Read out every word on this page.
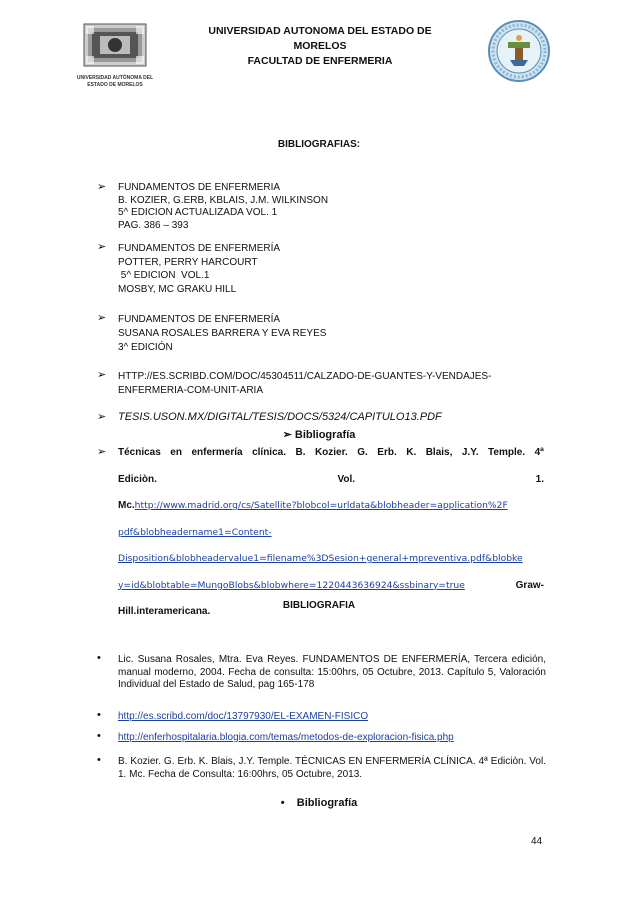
UNIVERSIDAD AUTÓNOMA DEL
ESTADO DE MORELOS
UNIVERSIDAD AUTONOMA DEL ESTADO DE
MORELOS
FACULTAD DE ENFERMERIA
BIBLIOGRAFIAS:
➢ FUNDAMENTOS DE ENFERMERIA
B. KOZIER, G.ERB, KBLAIS, J.M. WILKINSON
5^ EDICION ACTUALIZADA VOL. 1
PAG. 386 – 393
➢ FUNDAMENTOS DE ENFERMERÍA
POTTER, PERRY HARCOURT
5^ EDICION  VOL.1
MOSBY, MC GRAKU HILL
➢ FUNDAMENTOS DE ENFERMERÍA
SUSANA ROSALES BARRERA Y EVA REYES
3^ EDICIÓN
➢ HTTP://ES.SCRIBD.COM/DOC/45304511/CALZADO-DE-GUANTES-Y-VENDAJES-
ENFERMERIA-COM-UNIT-ARIA
➢ TESIS.USON.MX/DIGITAL/TESIS/DOCS/5324/CAPITULO13.PDF
➢ Bibliografía
➢ Técnicas en enfermería clínica. B. Kozier. G. Erb. K. Blais, J.Y. Temple. 4ª
Ediciòn.	Vol.	1.
Mc.http://www.madrid.org/cs/Satellite?blobcol=urldata&blobheader=application%2F
pdf&blobheadername1=Content-
Disposition&blobheadervalue1=filename%3DSesion+general+mpreventiva.pdf&blobke
y=id&blobtable=MungoBlobs&blobwhere=1220443636924&ssbinary=true	Graw-
Hill.interamericana.
BIBLIOGRAFIA
• Lic. Susana Rosales, Mtra. Eva Reyes. FUNDAMENTOS DE ENFERMERÍA, Tercera edición, manual moderno, 2004. Fecha de consulta: 15:00hrs, 05 Octubre, 2013. Capítulo 5, Valoración Individual del Estado de Salud, pag 165-178
• http://es.scribd.com/doc/13797930/EL-EXAMEN-FISICO
• http://enferhospitalaria.blogia.com/temas/metodos-de-exploracion-fisica.php
• B. Kozier. G. Erb. K. Blais, J.Y. Temple. TÉCNICAS EN ENFERMERÍA CLÍNICA. 4ª Ediciòn. Vol. 1. Mc. Fecha de Consulta: 16:00hrs, 05 Octubre, 2013.
•    Bibliografía
44
